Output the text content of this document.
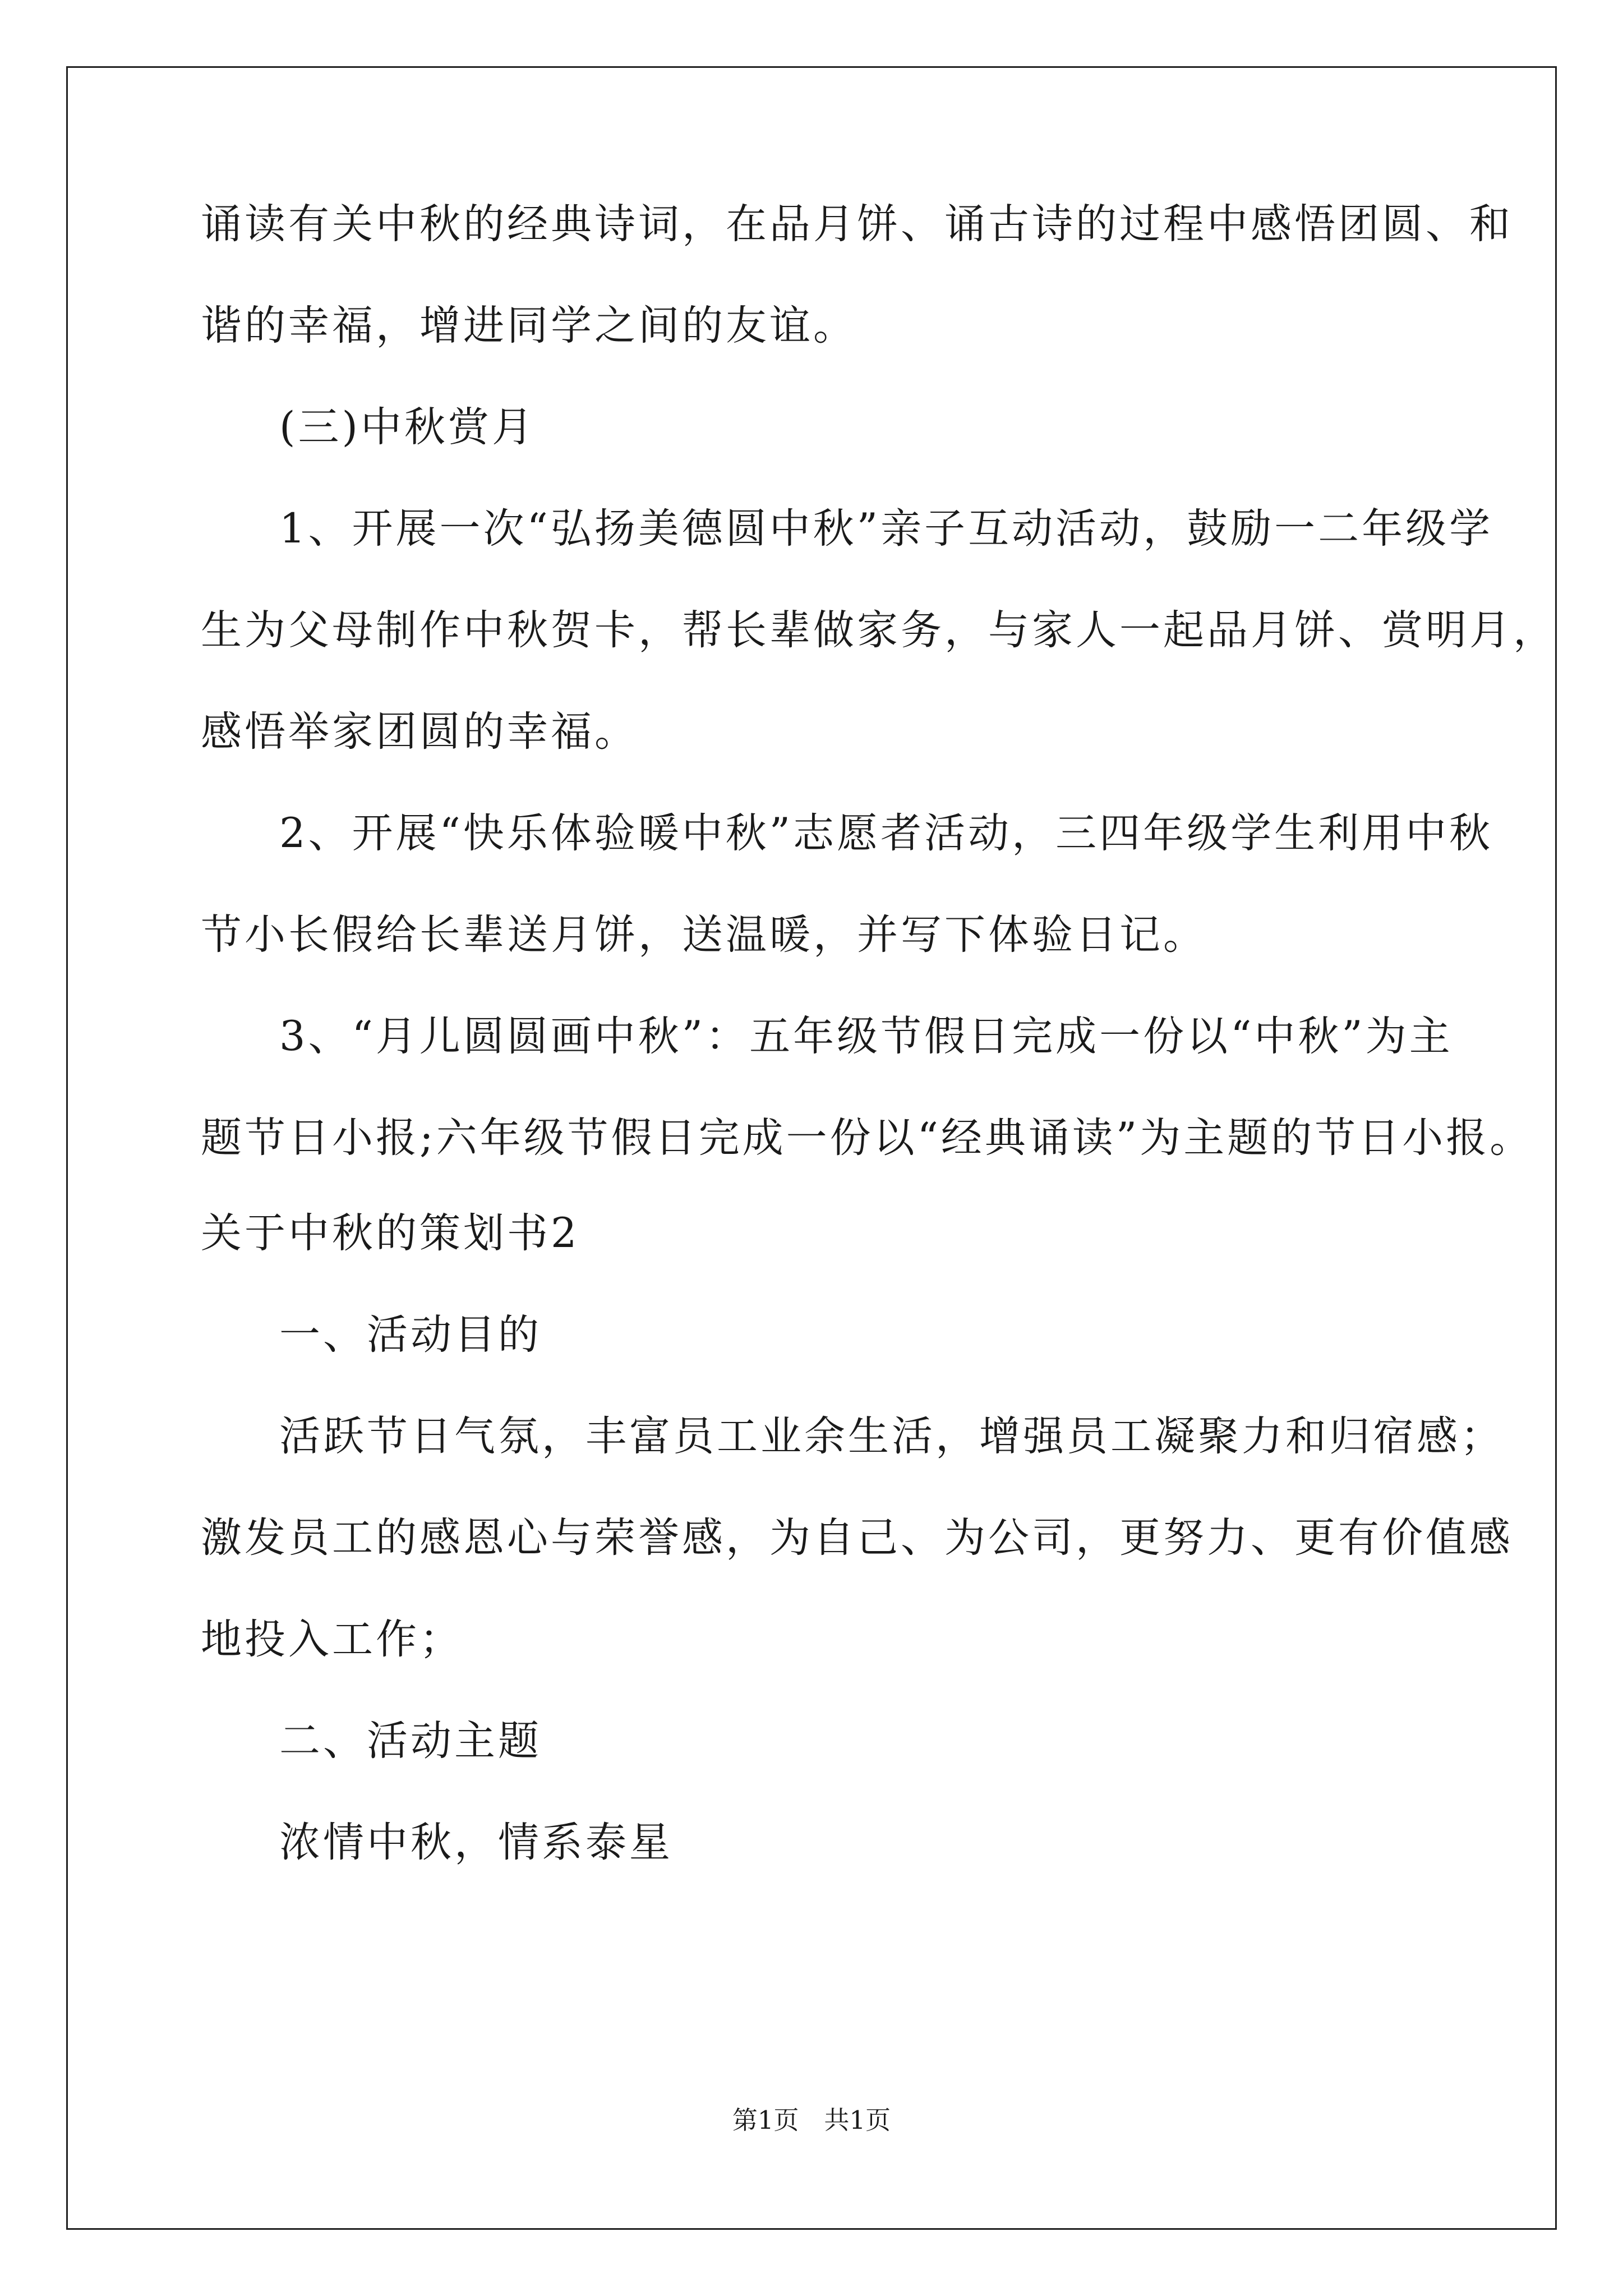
诵读有关中秋的经典诗词，在品月饼、诵古诗的过程中感悟团圆、和
谐的幸福，增进同学之间的友谊。
(三)中秋赏月
1、开展一次“弘扬美德圆中秋”亲子互动活动，鼓励一二年级学
生为父母制作中秋贺卡，帮长辈做家务，与家人一起品月饼、赏明月，
感悟举家团圆的幸福。
2、开展“快乐体验暖中秋”志愿者活动，三四年级学生利用中秋
节小长假给长辈送月饼，送温暖，并写下体验日记。
3、“月儿圆圆画中秋”：五年级节假日完成一份以“中秋”为主
题节日小报;六年级节假日完成一份以“经典诵读”为主题的节日小报。
关于中秋的策划书2
一、活动目的
活跃节日气氛，丰富员工业余生活，增强员工凝聚力和归宿感；
激发员工的感恩心与荣誉感，为自己、为公司，更努力、更有价值感
地投入工作；
二、活动主题
浓情中秋，情系泰星
第1页　共1页
